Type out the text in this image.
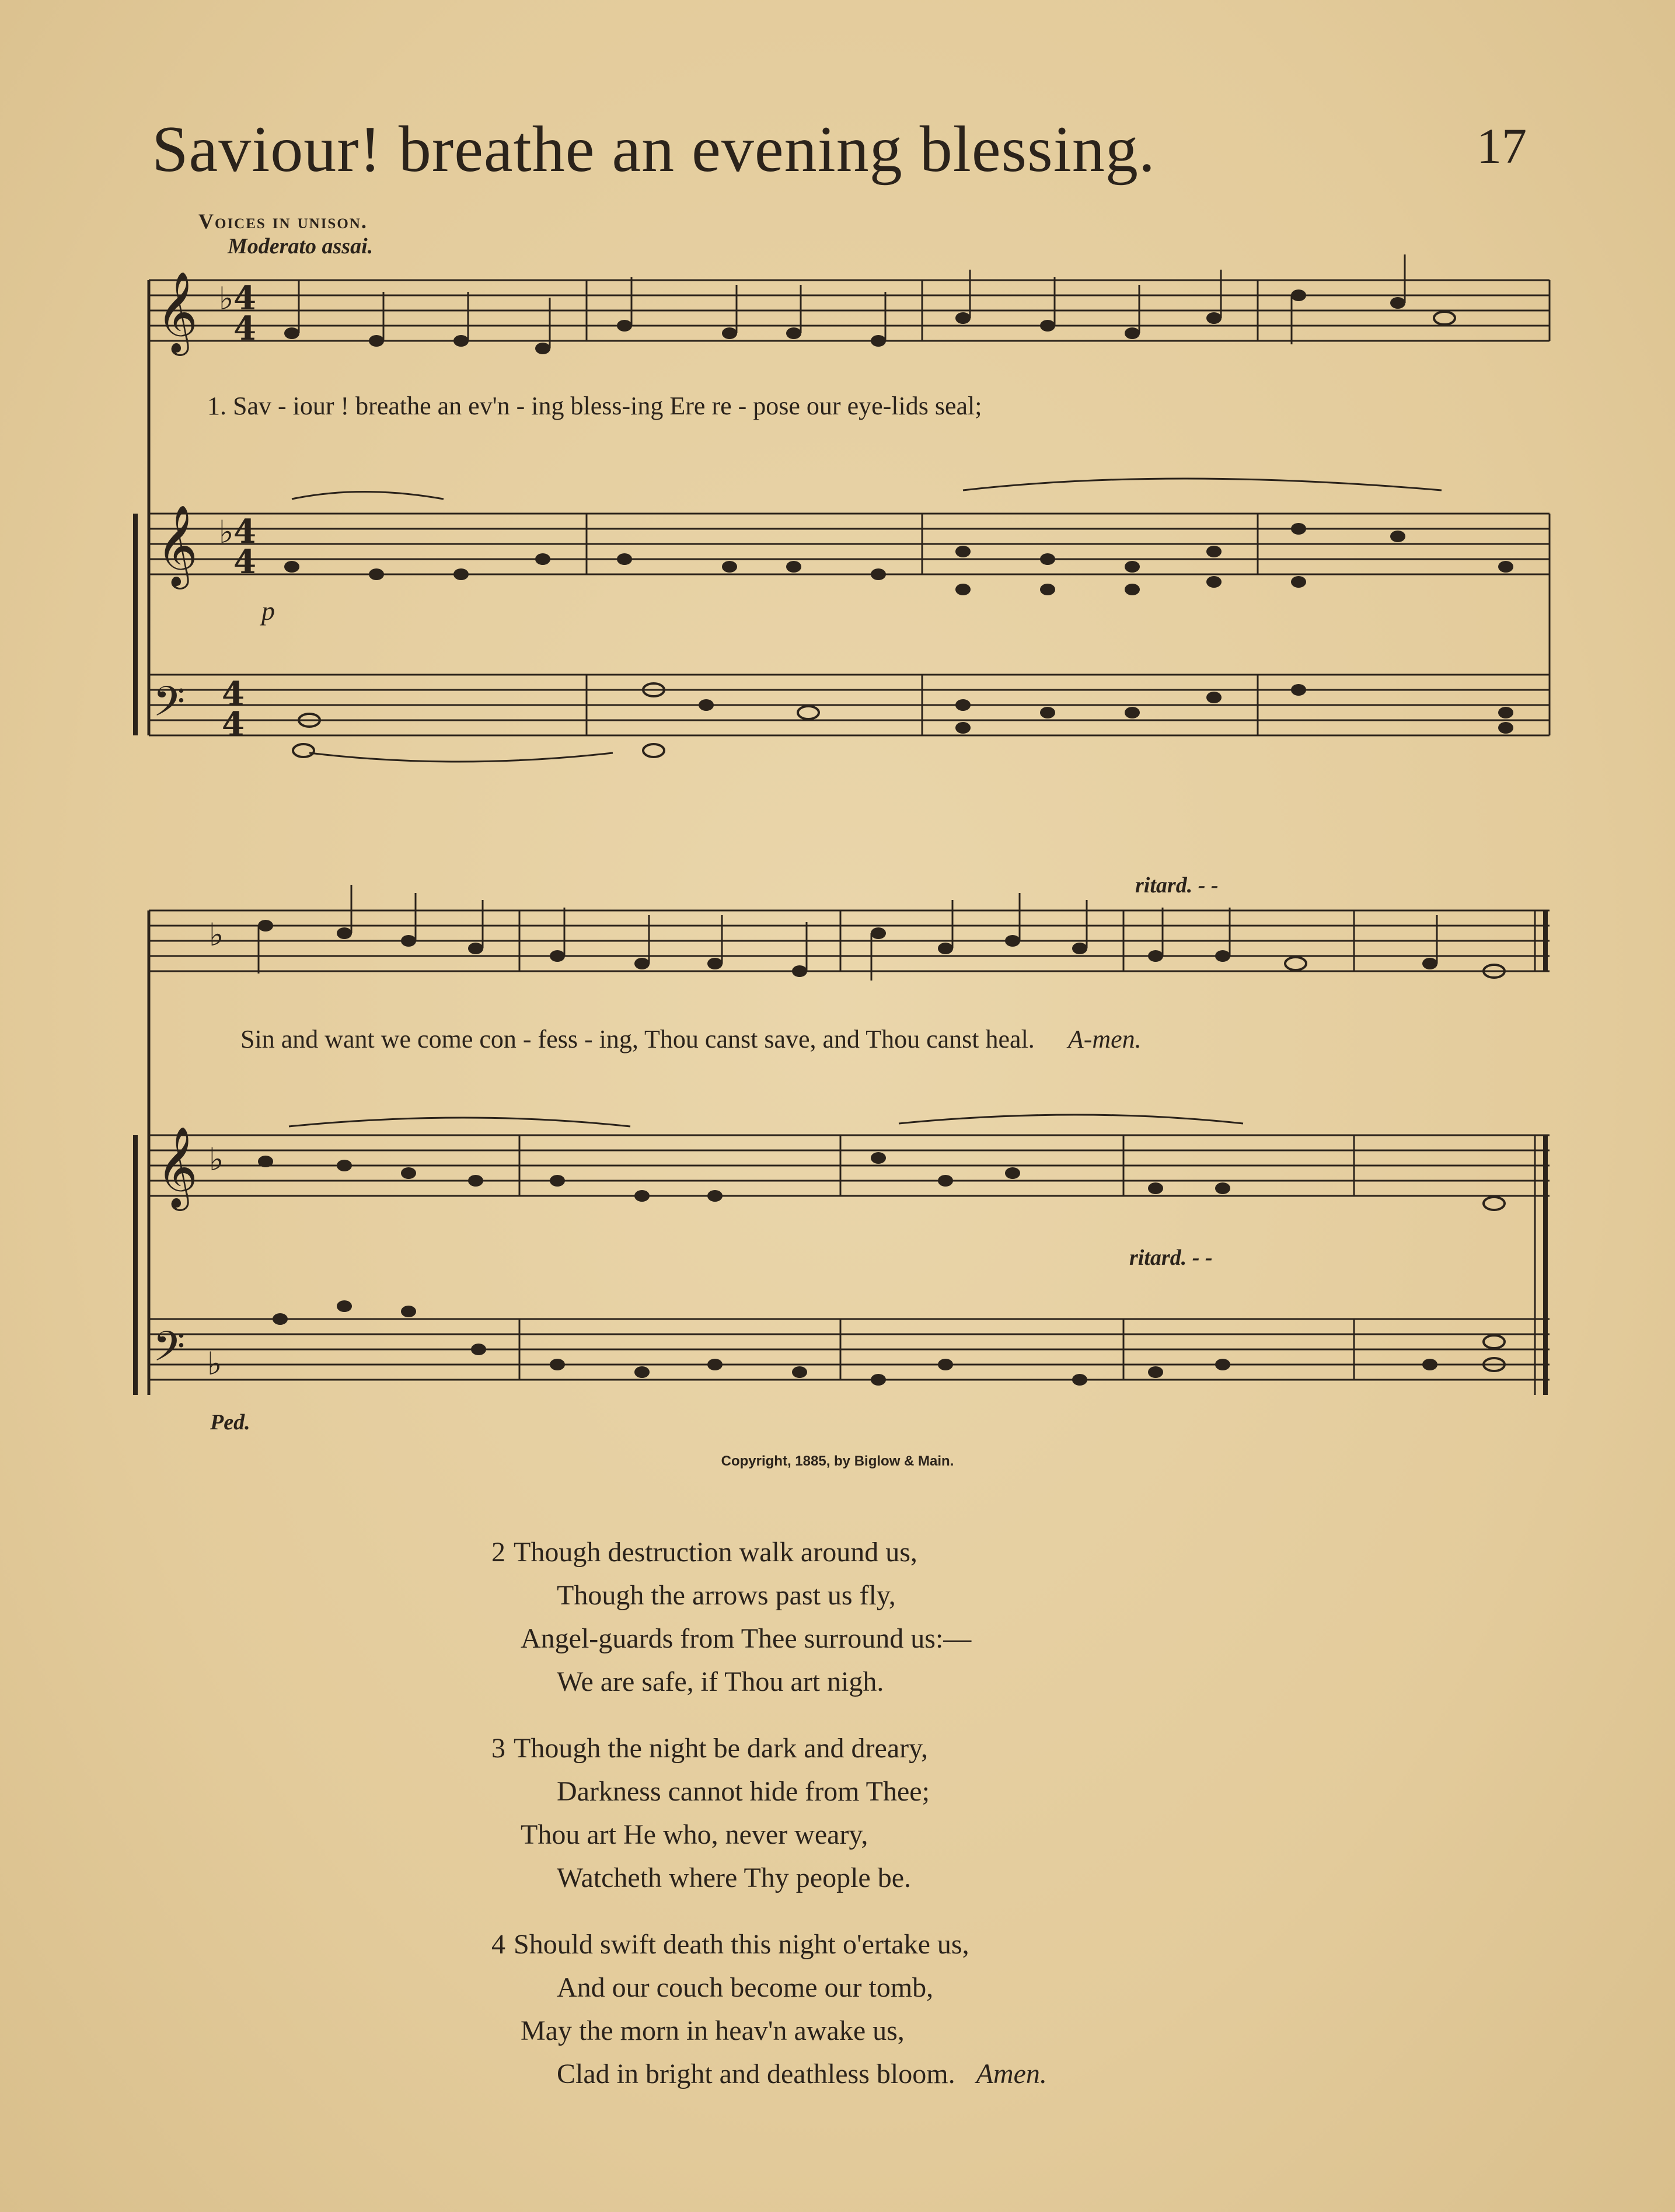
Saviour! breathe an evening blessing.	17
Voices in unison.
Moderato assai.
𝄞
𝄞
𝄞
𝄢
𝄢
♭
♭
♭
♭
♭
4
4
4
4
4
4
1. Sav - iour ! breathe an ev'n - ing bless-ing Ere re - pose our eye-lids seal;
Sin and want we come con - fess - ing, Thou canst save, and Thou canst heal. A-men.
p
ritard. - -
ritard. - -
Ped.
Copyright, 1885, by Biglow & Main.
2 Though destruction walk around us,
Though the arrows past us fly,
Angel-guards from Thee surround us:—
We are safe, if Thou art nigh.
3 Though the night be dark and dreary,
Darkness cannot hide from Thee;
Thou art He who, never weary,
Watcheth where Thy people be.
4 Should swift death this night o'ertake us,
And our couch become our tomb,
May the morn in heav'n awake us,
Clad in bright and deathless bloom. Amen.
